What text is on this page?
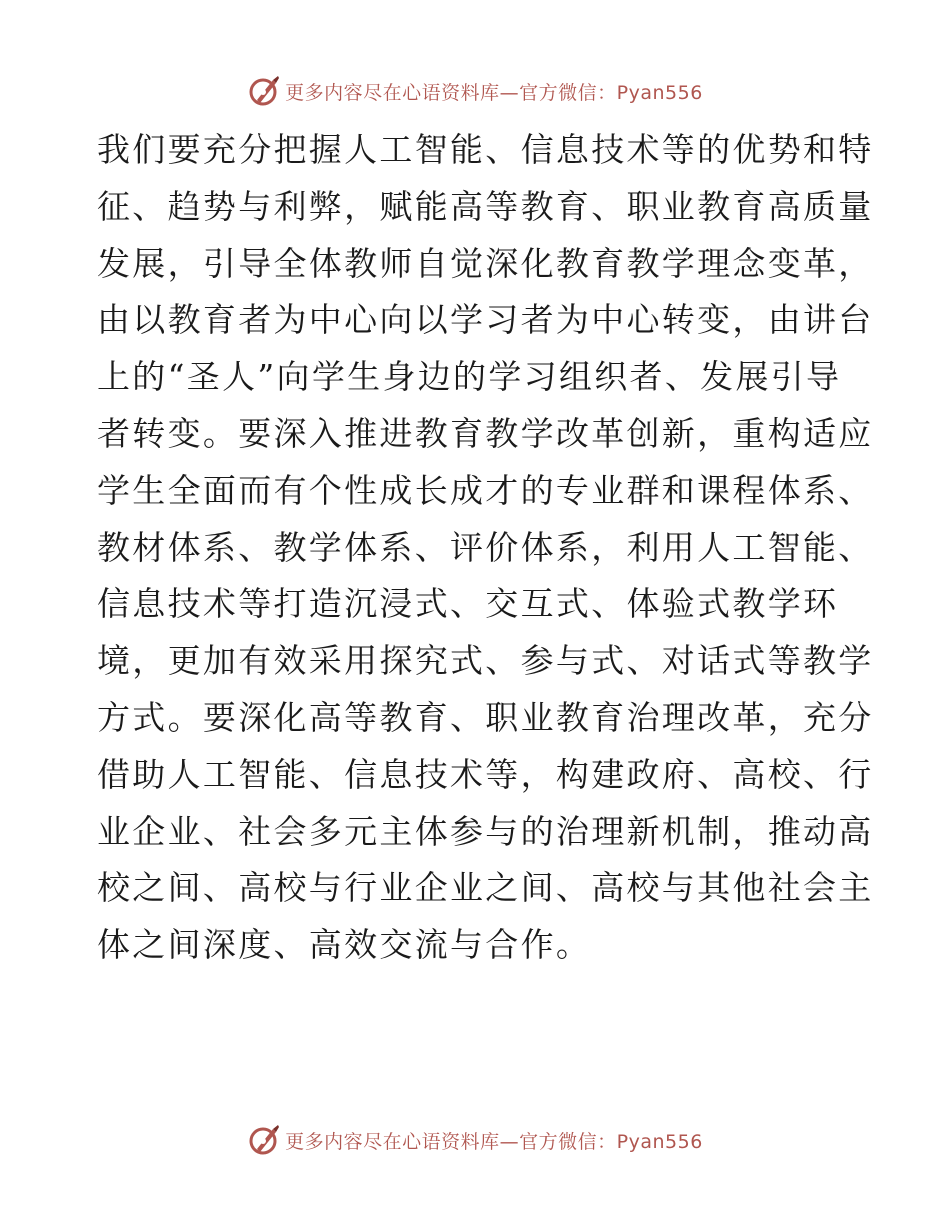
更多内容尽在心语资料库—官方微信：Pyan556
我们要充分把握人工智能、信息技术等的优势和特
征、趋势与利弊，赋能高等教育、职业教育高质量
发展，引导全体教师自觉深化教育教学理念变革，
由以教育者为中心向以学习者为中心转变，由讲台
上的“圣人”向学生身边的学习组织者、发展引导
者转变。要深入推进教育教学改革创新，重构适应
学生全面而有个性成长成才的专业群和课程体系、
教材体系、教学体系、评价体系，利用人工智能、
信息技术等打造沉浸式、交互式、体验式教学环
境，更加有效采用探究式、参与式、对话式等教学
方式。要深化高等教育、职业教育治理改革，充分
借助人工智能、信息技术等，构建政府、高校、行
业企业、社会多元主体参与的治理新机制，推动高
校之间、高校与行业企业之间、高校与其他社会主
体之间深度、高效交流与合作。
更多内容尽在心语资料库—官方微信：Pyan556
